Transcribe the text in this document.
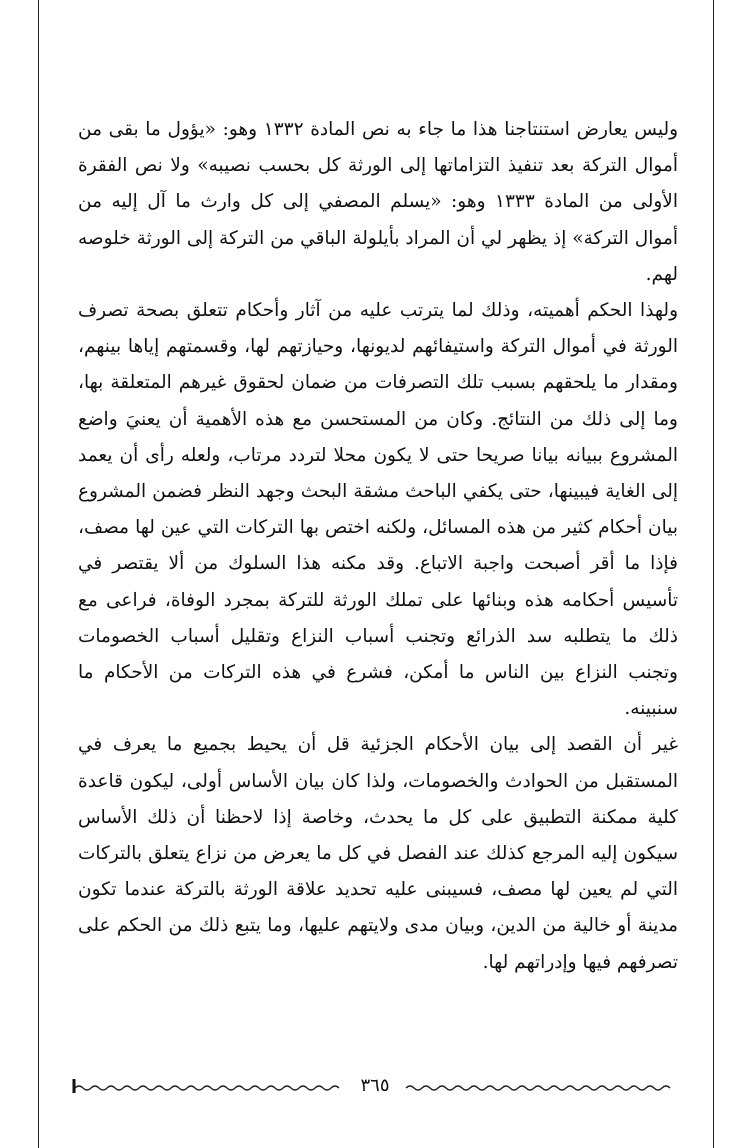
وليس يعارض استنتاجنا هذا ما جاء به نص المادة ١٣٣٢ وهو: «يؤول ما بقى من أموال التركة بعد تنفيذ التزاماتها إلى الورثة كل بحسب نصيبه» ولا نص الفقرة الأولى من المادة ١٣٣٣ وهو: «يسلم المصفي إلى كل وارث ما آل إليه من أموال التركة» إذ يظهر لي أن المراد بأيلولة الباقي من التركة إلى الورثة خلوصه لهم.

ولهذا الحكم أهميته، وذلك لما يترتب عليه من آثار وأحكام تتعلق بصحة تصرف الورثة في أموال التركة واستيفائهم لديونها، وحيازتهم لها، وقسمتهم إياها بينهم، ومقدار ما يلحقهم بسبب تلك التصرفات من ضمان لحقوق غيرهم المتعلقة بها، وما إلى ذلك من النتائج. وكان من المستحسن مع هذه الأهمية أن يعنيَ واضع المشروع ببيانه بيانا صريحا حتى لا يكون محلا لتردد مرتاب، ولعله رأى أن يعمد إلى الغاية فيبينها، حتى يكفي الباحث مشقة البحث وجهد النظر فضمن المشروع بيان أحكام كثير من هذه المسائل، ولكنه اختص بها التركات التي عين لها مصف، فإذا ما أقر أصبحت واجبة الاتباع. وقد مكنه هذا السلوك من ألا يقتصر في تأسيس أحكامه هذه وبنائها على تملك الورثة للتركة بمجرد الوفاة، فراعى مع ذلك ما يتطلبه سد الذرائع وتجنب أسباب النزاع وتقليل أسباب الخصومات وتجنب النزاع بين الناس ما أمكن، فشرع في هذه التركات من الأحكام ما سنبينه.

غير أن القصد إلى بيان الأحكام الجزئية قل أن يحيط بجميع ما يعرف في المستقبل من الحوادث والخصومات، ولذا كان بيان الأساس أولى، ليكون قاعدة كلية ممكنة التطبيق على كل ما يحدث، وخاصة إذا لاحظنا أن ذلك الأساس سيكون إليه المرجع كذلك عند الفصل في كل ما يعرض من نزاع يتعلق بالتركات التي لم يعين لها مصف، فسيبنى عليه تحديد علاقة الورثة بالتركة عندما تكون مدينة أو خالية من الدين، وبيان مدى ولايتهم عليها، وما يتبع ذلك من الحكم على تصرفهم فيها وإدراتهم لها.

٣٦٥
